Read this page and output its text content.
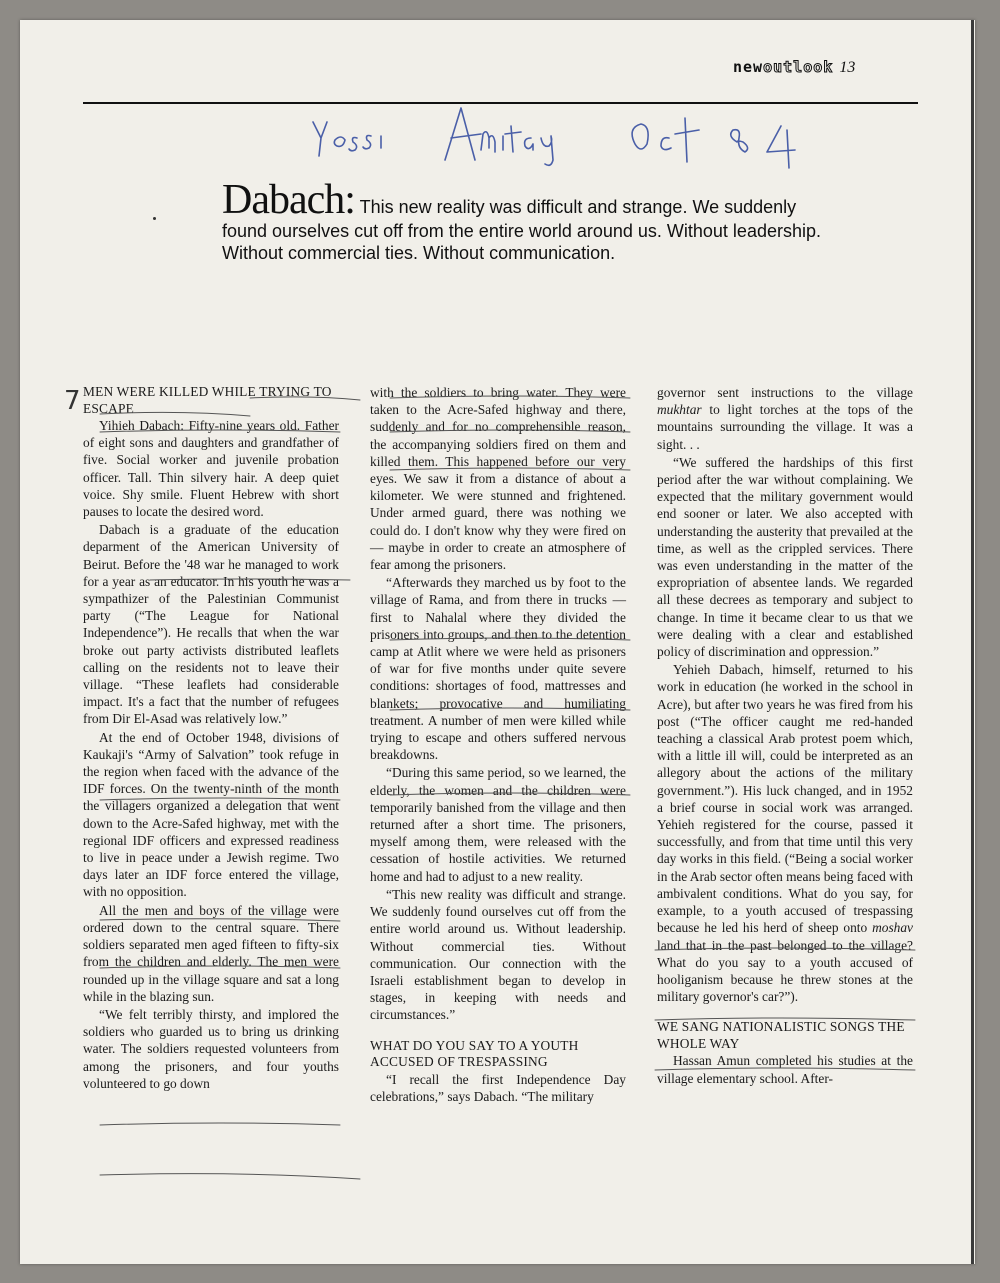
newoutlook 13
Dabach: This new reality was difficult and strange. We suddenly found ourselves cut off from the entire world around us. Without leadership. Without commercial ties. Without communication.
7 MEN WERE KILLED WHILE TRYING TO ESCAPE

Yihieh Dabach: Fifty-nine years old. Father of eight sons and daughters and grandfather of five. Social worker and juvenile probation officer. Tall. Thin silvery hair. A deep quiet voice. Shy smile. Fluent Hebrew with short pauses to locate the desired word.

Dabach is a graduate of the education deparment of the American University of Beirut. Before the '48 war he managed to work for a year as an educator. In his youth he was a sympathizer of the Palestinian Communist party (“The League for National Independence”). He recalls that when the war broke out party activists distributed leaflets calling on the residents not to leave their village. “These leaflets had considerable impact. It's a fact that the number of refugees from Dir El-Asad was relatively low.”

At the end of October 1948, divisions of Kaukaji's “Army of Salvation” took refuge in the region when faced with the advance of the IDF forces. On the twenty-ninth of the month the villagers organized a delegation that went down to the Acre-Safed highway, met with the regional IDF officers and expressed readiness to live in peace under a Jewish regime. Two days later an IDF force entered the village, with no opposition.

All the men and boys of the village were ordered down to the central square. There soldiers separated men aged fifteen to fifty-six from the children and elderly. The men were rounded up in the village square and sat a long while in the blazing sun.

“We felt terribly thirsty, and implored the soldiers who guarded us to bring us drinking water. The soldiers requested volunteers from among the prisoners, and four youths volunteered to go down

with the soldiers to bring water. They were taken to the Acre-Safed highway and there, suddenly and for no comprehensible reason, the accompanying soldiers fired on them and killed them. This happened before our very eyes. We saw it from a distance of about a kilometer. We were stunned and frightened. Under armed guard, there was nothing we could do. I don't know why they were fired on — maybe in order to create an atmosphere of fear among the prisoners.

“Afterwards they marched us by foot to the village of Rama, and from there in trucks — first to Nahalal where they divided the prisoners into groups, and then to the detention camp at Atlit where we were held as prisoners of war for five months under quite severe conditions: shortages of food, mattresses and blankets; provocative and humiliating treatment. A number of men were killed while trying to escape and others suffered nervous breakdowns.

“During this same period, so we learned, the elderly, the women and the children were temporarily banished from the village and then returned after a short time. The prisoners, myself among them, were released with the cessation of hostile activities. We returned home and had to adjust to a new reality.

“This new reality was difficult and strange. We suddenly found ourselves cut off from the entire world around us. Without leadership. Without commercial ties. Without communication. Our connection with the Israeli establishment began to develop in stages, in keeping with needs and circumstances.”

WHAT DO YOU SAY TO A YOUTH ACCUSED OF TRESPASSING

“I recall the first Independence Day celebrations,” says Dabach. “The military

governor sent instructions to the village mukhtar to light torches at the tops of the mountains surrounding the village. It was a sight. . .

“We suffered the hardships of this first period after the war without complaining. We expected that the military government would end sooner or later. We also accepted with understanding the austerity that prevailed at the time, as well as the crippled services. There was even understanding in the matter of the expropriation of absentee lands. We regarded all these decrees as temporary and subject to change. In time it became clear to us that we were dealing with a clear and established policy of discrimination and oppression.”

Yehieh Dabach, himself, returned to his work in education (he worked in the school in Acre), but after two years he was fired from his post (“The officer caught me red-handed teaching a classical Arab protest poem which, with a little ill will, could be interpreted as an allegory about the actions of the military government.”). His luck changed, and in 1952 a brief course in social work was arranged. Yehieh registered for the course, passed it successfully, and from that time until this very day works in this field. (“Being a social worker in the Arab sector often means being faced with ambivalent conditions. What do you say, for example, to a youth accused of trespassing because he led his herd of sheep onto moshav land that in the past belonged to the village? What do you say to a youth accused of hooliganism because he threw stones at the military governor's car?”).

WE SANG NATIONALISTIC SONGS THE WHOLE WAY

Hassan Amun completed his studies at the village elementary school. After-
